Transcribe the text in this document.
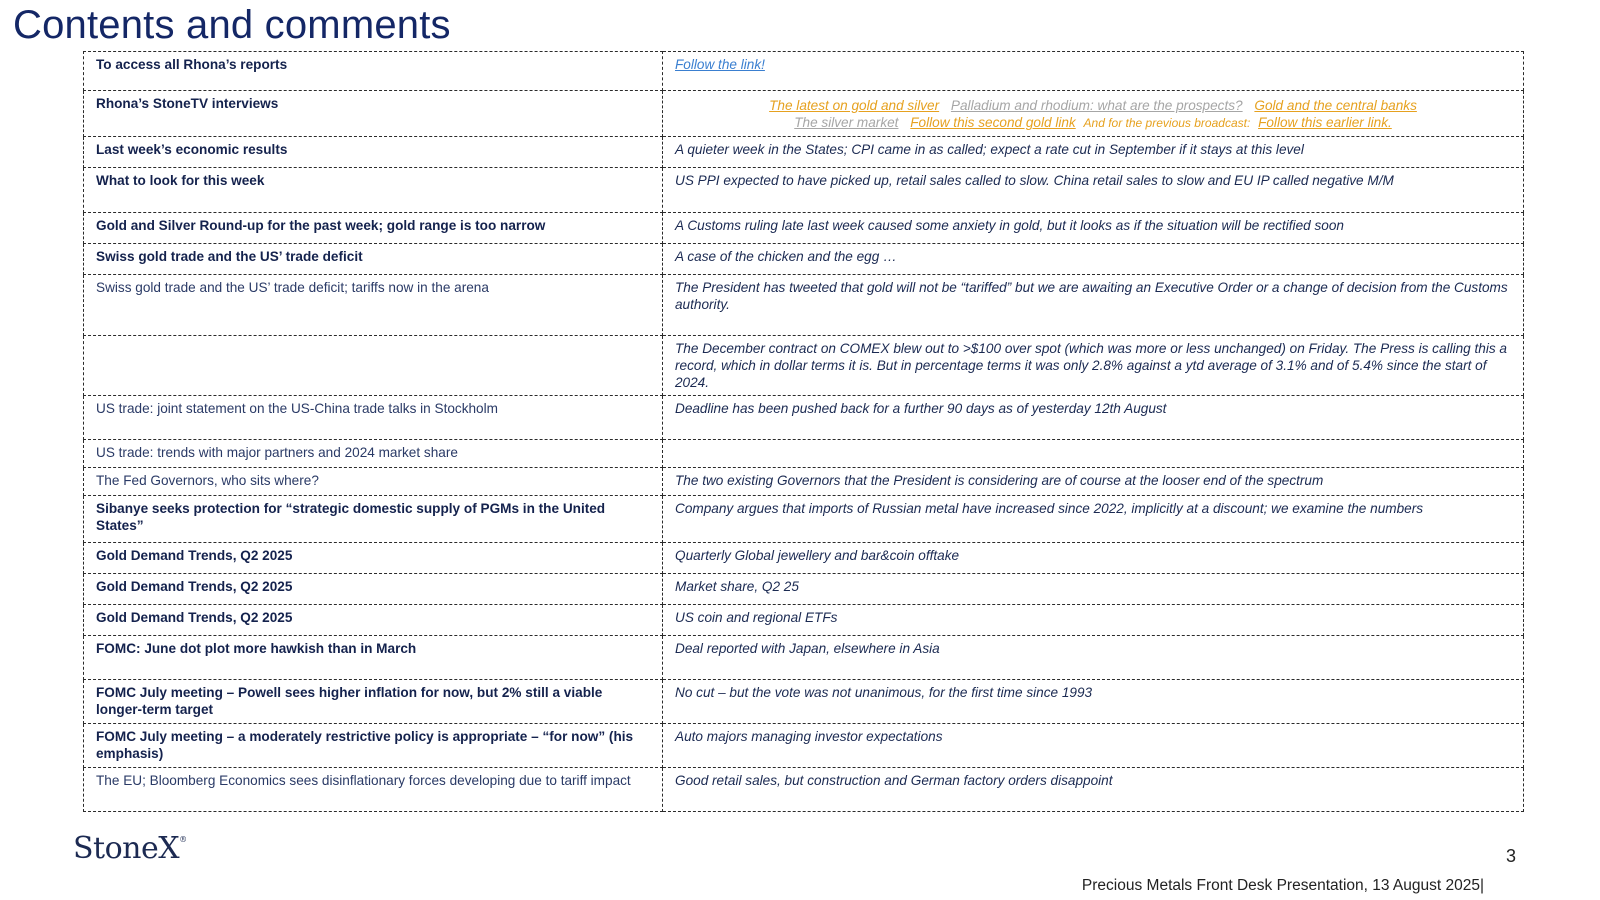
Contents and comments
To access all Rhona’s reports	Follow the link!
Rhona’s StoneTV interviews	The latest on gold and silver Palladium and rhodium: what are the prospects? Gold and the central banks
The silver market Follow this second gold link And for the previous broadcast: Follow this earlier link.

Last week’s economic results	A quieter week in the States; CPI came in as called; expect a rate cut in September if it stays at this level
What to look for this week	US PPI expected to have picked up, retail sales called to slow. China retail sales to slow and EU IP called negative M/M
Gold and Silver Round-up for the past week; gold range is too narrow	A Customs ruling late last week caused some anxiety in gold, but it looks as if the situation will be rectified soon
Swiss gold trade and the US’ trade deficit	A case of the chicken and the egg …
Swiss gold trade and the US’ trade deficit; tariffs now in the arena	The President has tweeted that gold will not be “tariffed” but we are awaiting an Executive Order or a change of decision from the Customs authority.
	The December contract on COMEX blew out to >$100 over spot (which was more or less unchanged) on Friday. The Press is calling this a record, which in dollar terms it is. But in percentage terms it was only 2.8% against a ytd average of 3.1% and of 5.4% since the start of 2024.
US trade: joint statement on the US-China trade talks in Stockholm	Deadline has been pushed back for a further 90 days as of yesterday 12th August
US trade: trends with major partners and 2024 market share	
The Fed Governors, who sits where?	The two existing Governors that the President is considering are of course at the looser end of the spectrum
Sibanye seeks protection for “strategic domestic supply of PGMs in the United States”	Company argues that imports of Russian metal have increased since 2022, implicitly at a discount; we examine the numbers
Gold Demand Trends, Q2 2025	Quarterly Global jewellery and bar&coin offtake
Gold Demand Trends, Q2 2025	Market share, Q2 25
Gold Demand Trends, Q2 2025	US coin and regional ETFs
FOMC: June dot plot more hawkish than in March	Deal reported with Japan, elsewhere in Asia
FOMC July meeting – Powell sees higher inflation for now, but 2% still a viable longer-term target	No cut – but the vote was not unanimous, for the first time since 1993
FOMC July meeting – a moderately restrictive policy is appropriate – “for now” (his emphasis)	Auto majors managing investor expectations
The EU; Bloomberg Economics sees disinflationary forces developing due to tariff impact	Good retail sales, but construction and German factory orders disappoint
StoneX®
3
Precious Metals Front Desk Presentation, 13 August 2025|
